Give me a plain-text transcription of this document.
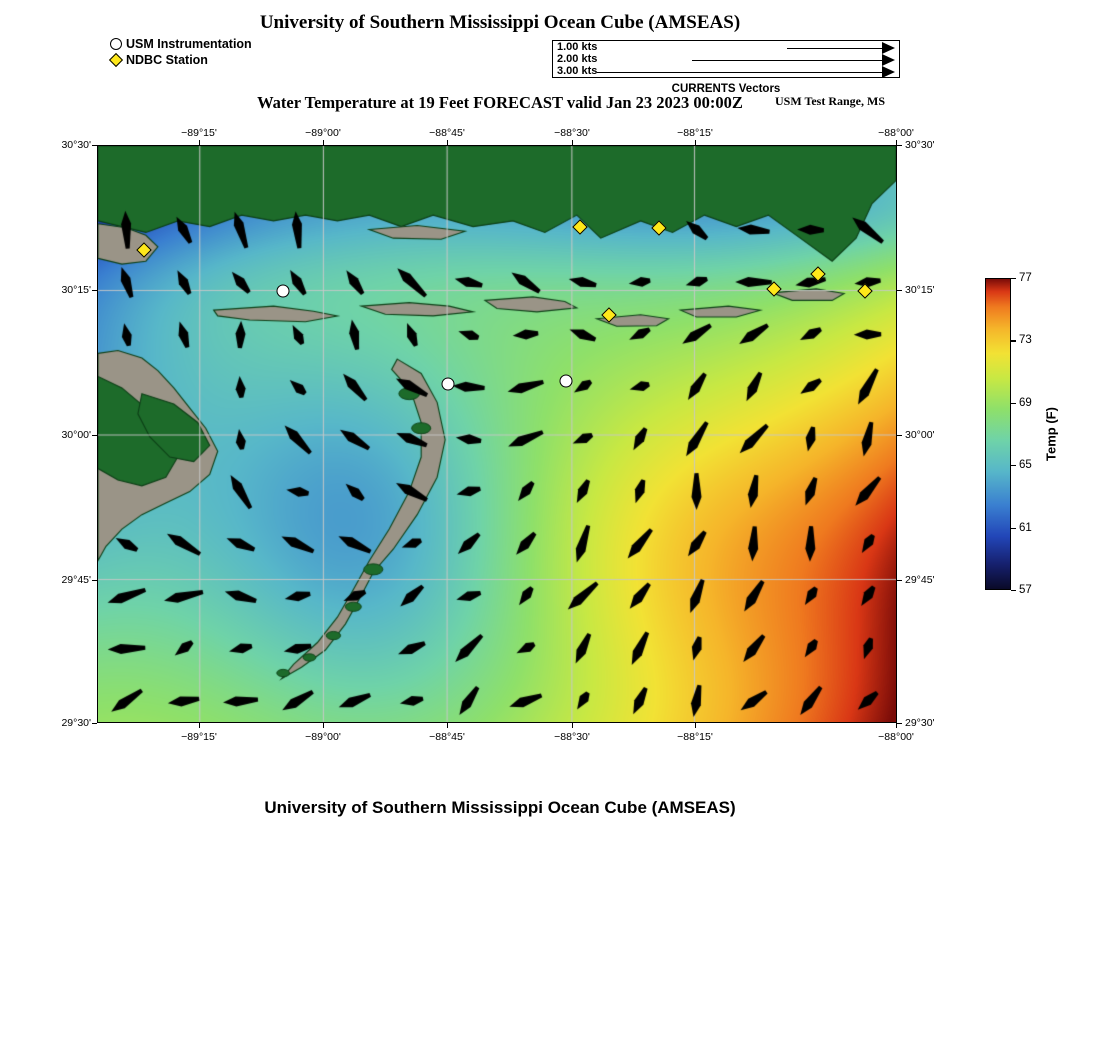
University of Southern Mississippi Ocean Cube (AMSEAS)
Water Temperature at 19 Feet FORECAST valid Jan 23 2023 00:00Z	USM Test Range, MS
University of Southern Mississippi Ocean Cube (AMSEAS)
USM Instrumentation
NDBC Station
1.00 kts
2.00 kts
3.00 kts
CURRENTS Vectors
−89°15'
−89°15'
−89°00'
−89°00'
−88°45'
−88°45'
−88°30'
−88°30'
−88°15'
−88°15'
−88°00'
−88°00'
30°30'	30°30'
30°15'	30°15'
30°00'	30°00'
29°45'	29°45'
29°30'	29°30'
77
73
69
65
61
57
Temp (F)
